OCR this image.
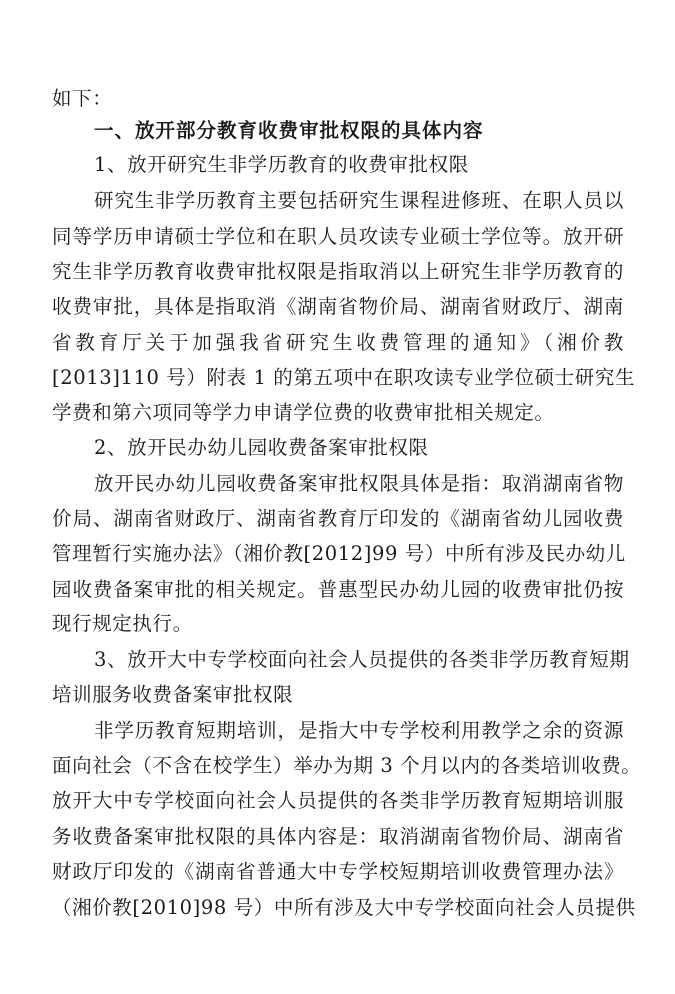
如下：
一、放开部分教育收费审批权限的具体内容
1、放开研究生非学历教育的收费审批权限
研究生非学历教育主要包括研究生课程进修班、在职人员以
同等学历申请硕士学位和在职人员攻读专业硕士学位等。放开研
究生非学历教育收费审批权限是指取消以上研究生非学历教育的
收费审批，具体是指取消《湖南省物价局、湖南省财政厅、湖南
省教育厅关于加强我省研究生收费管理的通知》（湘价教
[2013]110 号）附表 1 的第五项中在职攻读专业学位硕士研究生
学费和第六项同等学力申请学位费的收费审批相关规定。
2、放开民办幼儿园收费备案审批权限
放开民办幼儿园收费备案审批权限具体是指：取消湖南省物
价局、湖南省财政厅、湖南省教育厅印发的《湖南省幼儿园收费
管理暂行实施办法》（湘价教[2012]99 号）中所有涉及民办幼儿
园收费备案审批的相关规定。普惠型民办幼儿园的收费审批仍按
现行规定执行。
3、放开大中专学校面向社会人员提供的各类非学历教育短期
培训服务收费备案审批权限
非学历教育短期培训，是指大中专学校利用教学之余的资源
面向社会（不含在校学生）举办为期 3 个月以内的各类培训收费。
放开大中专学校面向社会人员提供的各类非学历教育短期培训服
务收费备案审批权限的具体内容是：取消湖南省物价局、湖南省
财政厅印发的《湖南省普通大中专学校短期培训收费管理办法》
（湘价教[2010]98 号）中所有涉及大中专学校面向社会人员提供
